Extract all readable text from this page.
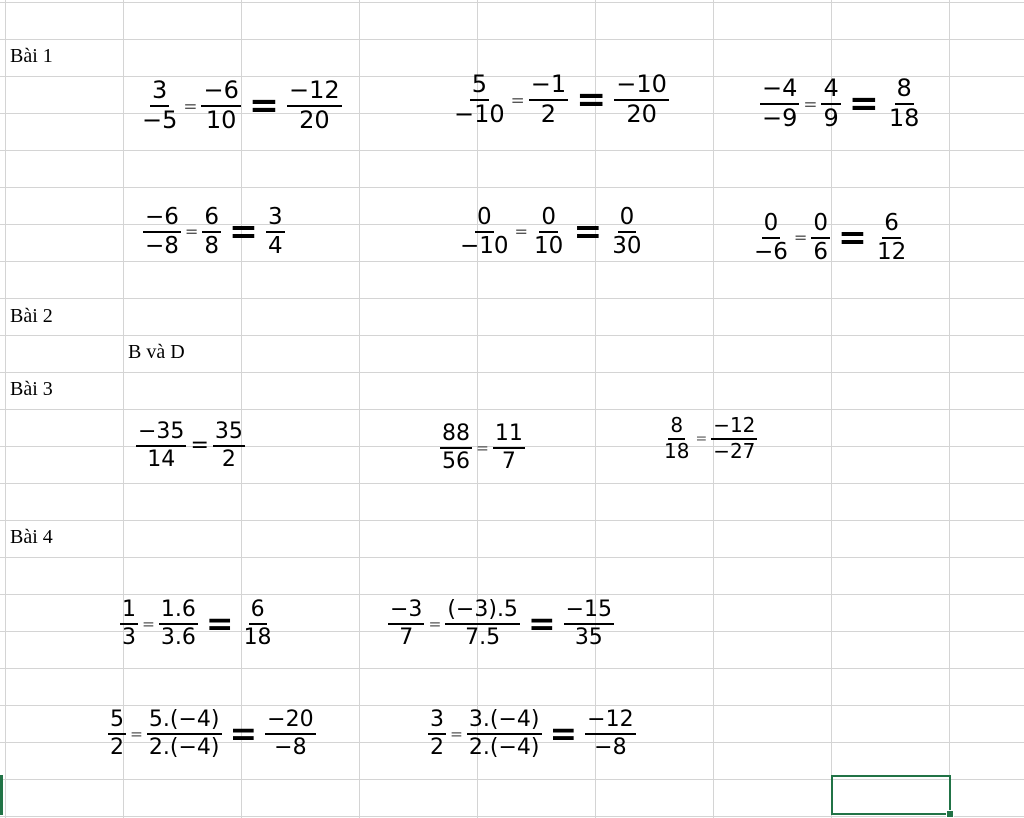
Bài 1
Bài 2
B và D
Bài 3
Bài 4
$\frac{3}{-5} = \frac{-6}{10} = \frac{-12}{20}$	$\frac{5}{-10} = \frac{-1}{2} = \frac{-10}{20}$	$\frac{-4}{-9} = \frac{4}{9} = \frac{8}{18}$
$\frac{-6}{-8} = \frac{6}{8} = \frac{3}{4}$	$\frac{0}{-10} = \frac{0}{10} = \frac{0}{30}$	$\frac{0}{-6} = \frac{0}{6} = \frac{6}{12}$
$\frac{-35}{14} = \frac{35}{2}$	$\frac{88}{56} = \frac{11}{7}$	$\frac{8}{18} = \frac{-12}{-27}$
$\frac{1}{3} = \frac{1.6}{3.6} = \frac{6}{18}$	$\frac{-3}{7} = \frac{(-3).5}{7.5} = \frac{-15}{35}$
$\frac{5}{2} = \frac{5.(-4)}{2.(-4)} = \frac{-20}{-8}$	$\frac{3}{2} = \frac{3.(-4)}{2.(-4)} = \frac{-12}{-8}$
